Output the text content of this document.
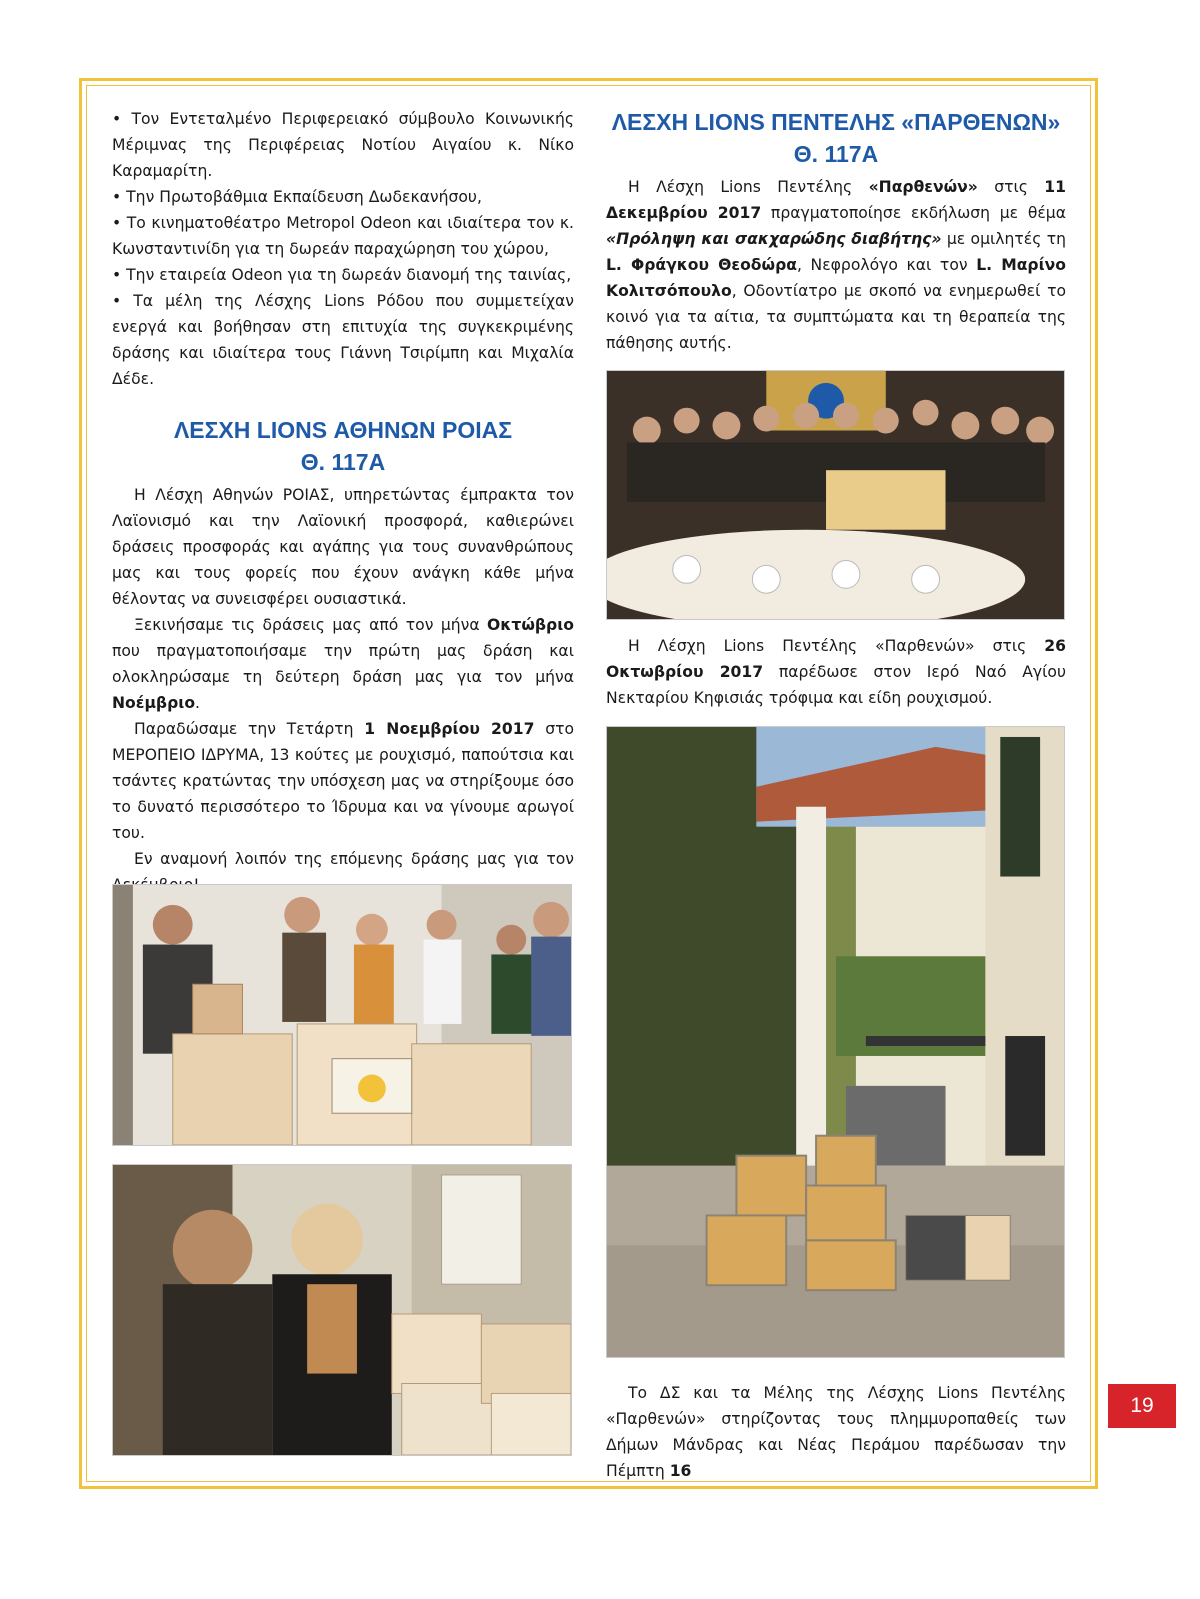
• Τον Εντεταλμένο Περιφερειακό σύμβουλο Κοινωνικής Μέριμνας της Περιφέρειας Νοτίου Αιγαίου κ. Νίκο Καραμαρίτη.

• Την Πρωτοβάθμια Εκπαίδευση Δωδεκανήσου,

• Το κινηματοθέατρο Metropol Odeon και ιδιαίτερα τον κ. Κωνσταντινίδη για τη δωρεάν παραχώρηση του χώρου,

• Την εταιρεία Odeon για τη δωρεάν διανομή της ταινίας,

• Τα μέλη της Λέσχης Lions Ρόδου που συμμετείχαν ενεργά και βοήθησαν στη επιτυχία της συγκεκριμένης δράσης και ιδιαίτερα τους Γιάννη Τσιρίμπη και Μιχαλία Δέδε.

ΛΕΣΧΗ LIONS ΑΘΗΝΩΝ ΡΟΙΑΣ

Θ. 117Α

Η Λέσχη Αθηνών ΡΟΙΑΣ, υπηρετώντας έμπρακτα τον Λαϊονισμό και την Λαϊονική προσφορά, καθιερώνει δράσεις προσφοράς και αγάπης για τους συνανθρώπους μας και τους φορείς που έχουν ανάγκη κάθε μήνα θέλοντας να συνεισφέρει ουσιαστικά.

Ξεκινήσαμε τις δράσεις μας από τον μήνα Οκτώβριο που πραγματοποιήσαμε την πρώτη μας δράση και ολοκληρώσαμε τη δεύτερη δράση μας για τον μήνα Νοέμβριο.

Παραδώσαμε την Τετάρτη 1 Νοεμβρίου 2017 στο ΜΕΡΟΠΕΙΟ ΙΔΡΥΜΑ, 13 κούτες με ρουχισμό, παπούτσια και τσάντες κρατώντας την υπόσχεση μας να στηρίξουμε όσο το δυνατό περισσότερο το Ίδρυμα και να γίνουμε αρωγοί του.

Εν αναμονή λοιπόν της επόμενης δράσης μας για τον

ΛΕΣΧΗ LIONS ΠΕΝΤΕΛΗΣ «ΠΑΡΘΕΝΩΝ»

Θ. 117Α

Η Λέσχη Lions Πεντέλης «Παρθενών» στις 11 Δεκεμβρίου 2017 πραγματοποίησε εκδήλωση με θέμα «Πρόληψη και σακχαρώδης διαβήτης» με ομιλητές τη L. Φράγκου Θεοδώρα, Νεφρολόγο και τον L. Μαρίνο Κολιτσόπουλο, Οδοντίατρο με σκοπό να ενημερωθεί το κοινό για τα αίτια, τα συμπτώματα και τη θεραπεία της πάθησης αυτής.

Η Λέσχη Lions Πεντέλης «Παρθενών» στις 26 Οκτωβρίου 2017 παρέδωσε στον Ιερό Ναό Αγίου Νεκταρίου Κηφισιάς τρόφιμα και είδη ρουχισμού.
Το ΔΣ και τα Μέλης της Λέσχης Lions Πεντέλης «Παρθενών» στηρίζοντας τους πλημμυροπαθείς των Δήμων Μάνδρας και Νέας Περάμου παρέδωσαν την Πέμπτη 16
19
